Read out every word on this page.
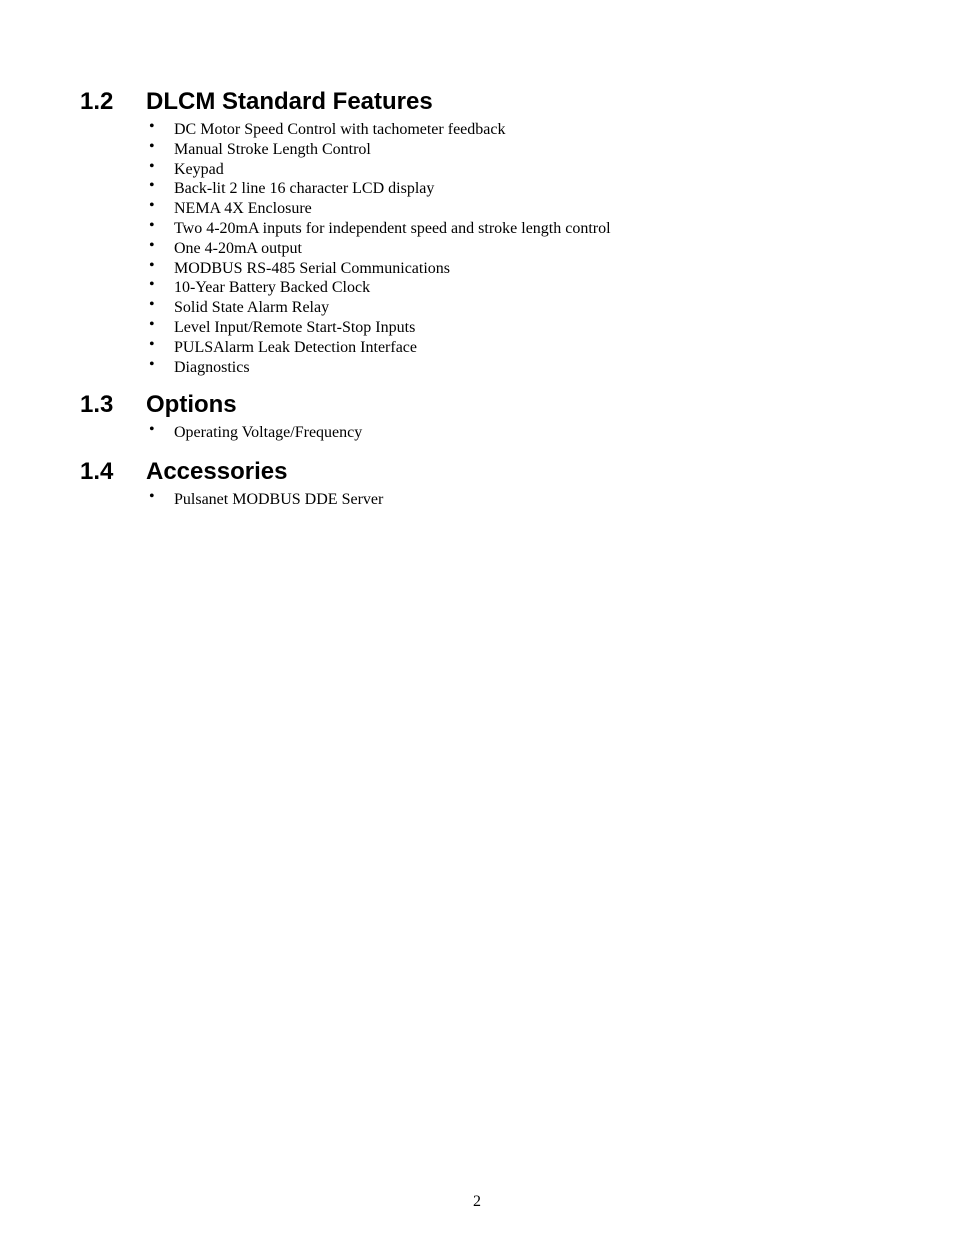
1.2	DLCM Standard Features
• DC Motor Speed Control with tachometer feedback
• Manual Stroke Length Control
• Keypad
• Back-lit 2 line 16 character LCD display
• NEMA 4X Enclosure
• Two 4-20mA inputs for independent speed and stroke length control
• One 4-20mA output
• MODBUS RS-485 Serial Communications
• 10-Year Battery Backed Clock
• Solid State Alarm Relay
• Level Input/Remote Start-Stop Inputs
• PULSAlarm Leak Detection Interface
• Diagnostics
1.3	Options
• Operating Voltage/Frequency
1.4	Accessories
• Pulsanet MODBUS DDE Server
2
